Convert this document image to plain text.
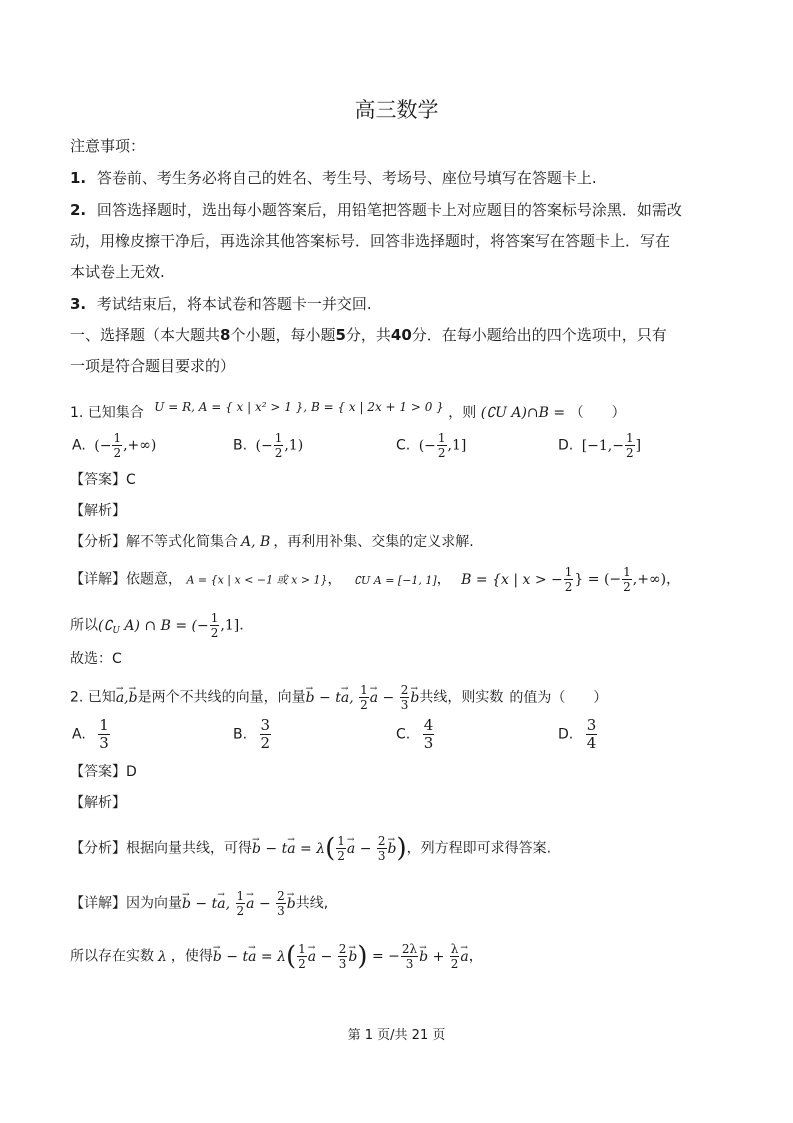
高三数学
注意事项：
1. 答卷前、考生务必将自己的姓名、考生号、考场号、座位号填写在答题卡上.
2. 回答选择题时，选出每小题答案后，用铅笔把答题卡上对应题目的答案标号涂黑．如需改
动，用橡皮擦干净后，再选涂其他答案标号．回答非选择题时，将答案写在答题卡上．写在
本试卷上无效.
3. 考试结束后，将本试卷和答题卡一并交回.
一、选择题（本大题共8个小题，每小题5分，共40分．在每小题给出的四个选项中，只有
一项是符合题目要求的）
1. 已知集合 U = R, A = { x | x² > 1 }, B = { x | 2x + 1 > 0 } ，则 (∁U A)∩B = （　　）
A. (− $\frac{1}{2}$ ,+∞)	B. (− $\frac{1}{2} ,1$)	C. (− $\frac{1}{2} ,1$]	D. [$-1,- \frac{1}{2}$ ]
【答案】C
【解析】
【分析】解不等式化简集合 A, B ，再利用补集、交集的定义求解.
【详解】依题意， A = {x | x < −1 或 x > 1}， ∁U A = [−1, 1]， B = {x | x > − $\frac{1}{2}$ } = (− $\frac{1}{2}$ ,+∞)，
所以($∁_U$ A) ∩ B = (− $\frac{1}{2} ,1$].
故选：C
2. 已知→ a,→ b是两个不共线的向量，向量→ b − t→ a, $\frac{1}{2}$
→ $a - \frac{2}{3}$
→ b共线，则实数 的值为（　　）
A. $\frac{1}{3}$	B. $\frac{3}{2}$	C. $\frac{4}{3}$	D. $\frac{3}{4}$
【答案】D
【解析】
【分析】根据向量共线，可得→ $b - t\to a = \lambda( \frac{1}{2}$
→ $a - \frac{2}{3}$
→ b)，列方程即可求得答案.
【详解】因为向量→ b − t→ a, $\frac{1}{2}$
→ $a - \frac{2}{3}$
→ b共线,
所以存在实数 λ ，使得→ $b - t\to a = \lambda( \frac{1}{2}$
→ $a - \frac{2}{3}$
→ b) = − $\frac{2\lambda}{3}$
→ $b + \frac{\lambda}{2}$
→ a，
第 1 页/共 21 页
